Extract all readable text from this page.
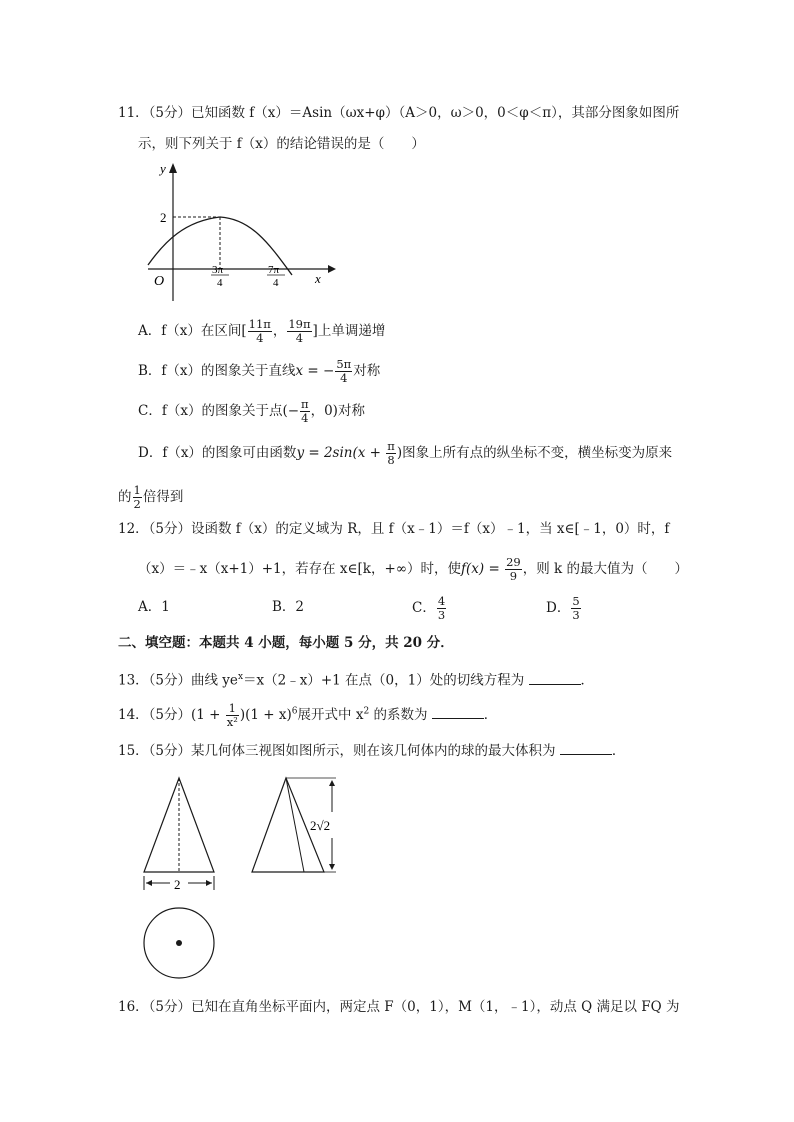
11．（5分）已知函数 f（x）＝Asin（ωx+φ）（A＞0，ω＞0，0＜φ＜π），其部分图象如图所
示，则下列关于 f（x）的结论错误的是（　　）
y
x
O
2
3π
4
7π
4
A．f（x）在区间[ $\frac{11\pi}{4}$ ， $\frac{19\pi}{4}$ ]上单调递增
B．f（x）的图象关于直线x = − $\frac{5\pi}{4}$ 对称
C．f（x）的图象关于点(− $\frac{\pi}{4}$ ，0)对称
D．f（x）的图象可由函数$y = 2\sin(x + \frac{\pi}{8}$ )图象上所有点的纵坐标不变，横坐标变为原来
的 $\frac{1}{2}$ 倍得到
12．（5分）设函数 f（x）的定义域为 R，且 f（x﹣1）＝f（x）﹣1，当 x∈[﹣1，0）时，f
（x）＝﹣x（x+1）+1，若存在 x∈[k，+∞）时，使$f(x) = \frac{29}{9}$ ，则 k 的最大值为（　　）
A．1	B．2	C． $\frac{4}{3}$	D． $\frac{5}{3}$
二、填空题：本题共 4 小题，每小题 5 分，共 20 分．
13．（5分）曲线 $ye^x=x(2﹣x)+1$ 在点（0，1）处的切线方程为	．
14．（5分）$(1 + \frac{1}{\text{x²}} )(1 + x)^6$展开式中 $x^2$ 的系数为	．
15．（5分）某几何体三视图如图所示，则在该几何体内的球的最大体积为	．
2
2√2
16．（5分）已知在直角坐标平面内，两定点 F（0，1），M（1，﹣1），动点 Q 满足以 FQ 为
